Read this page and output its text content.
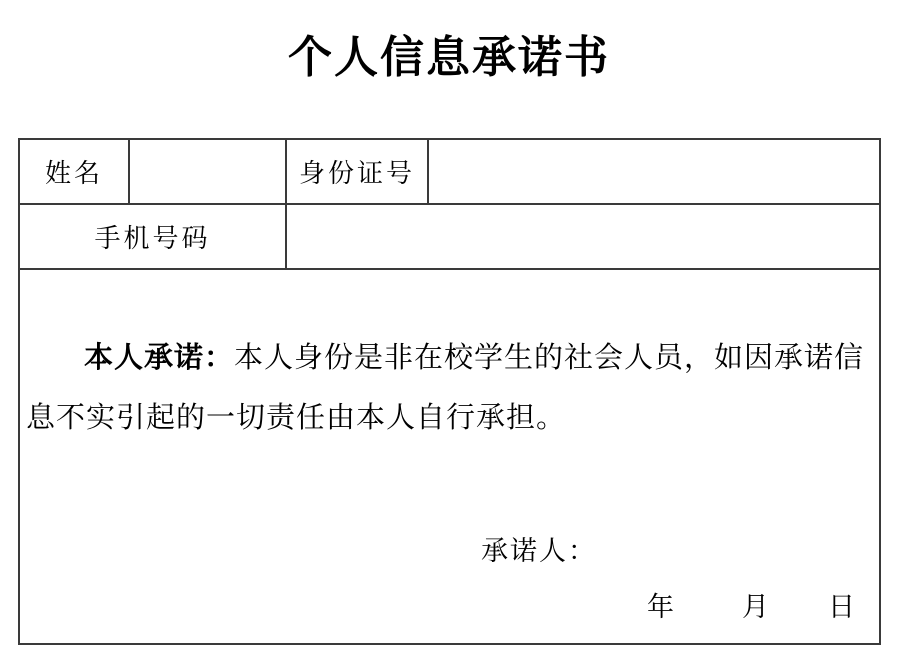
个人信息承诺书
姓名		身份证号	
手机号码			

本人承诺：本人身份是非在校学生的社会人员，如因承诺信
息不实引起的一切责任由本人自行承担。
承诺人：
年	月 日
